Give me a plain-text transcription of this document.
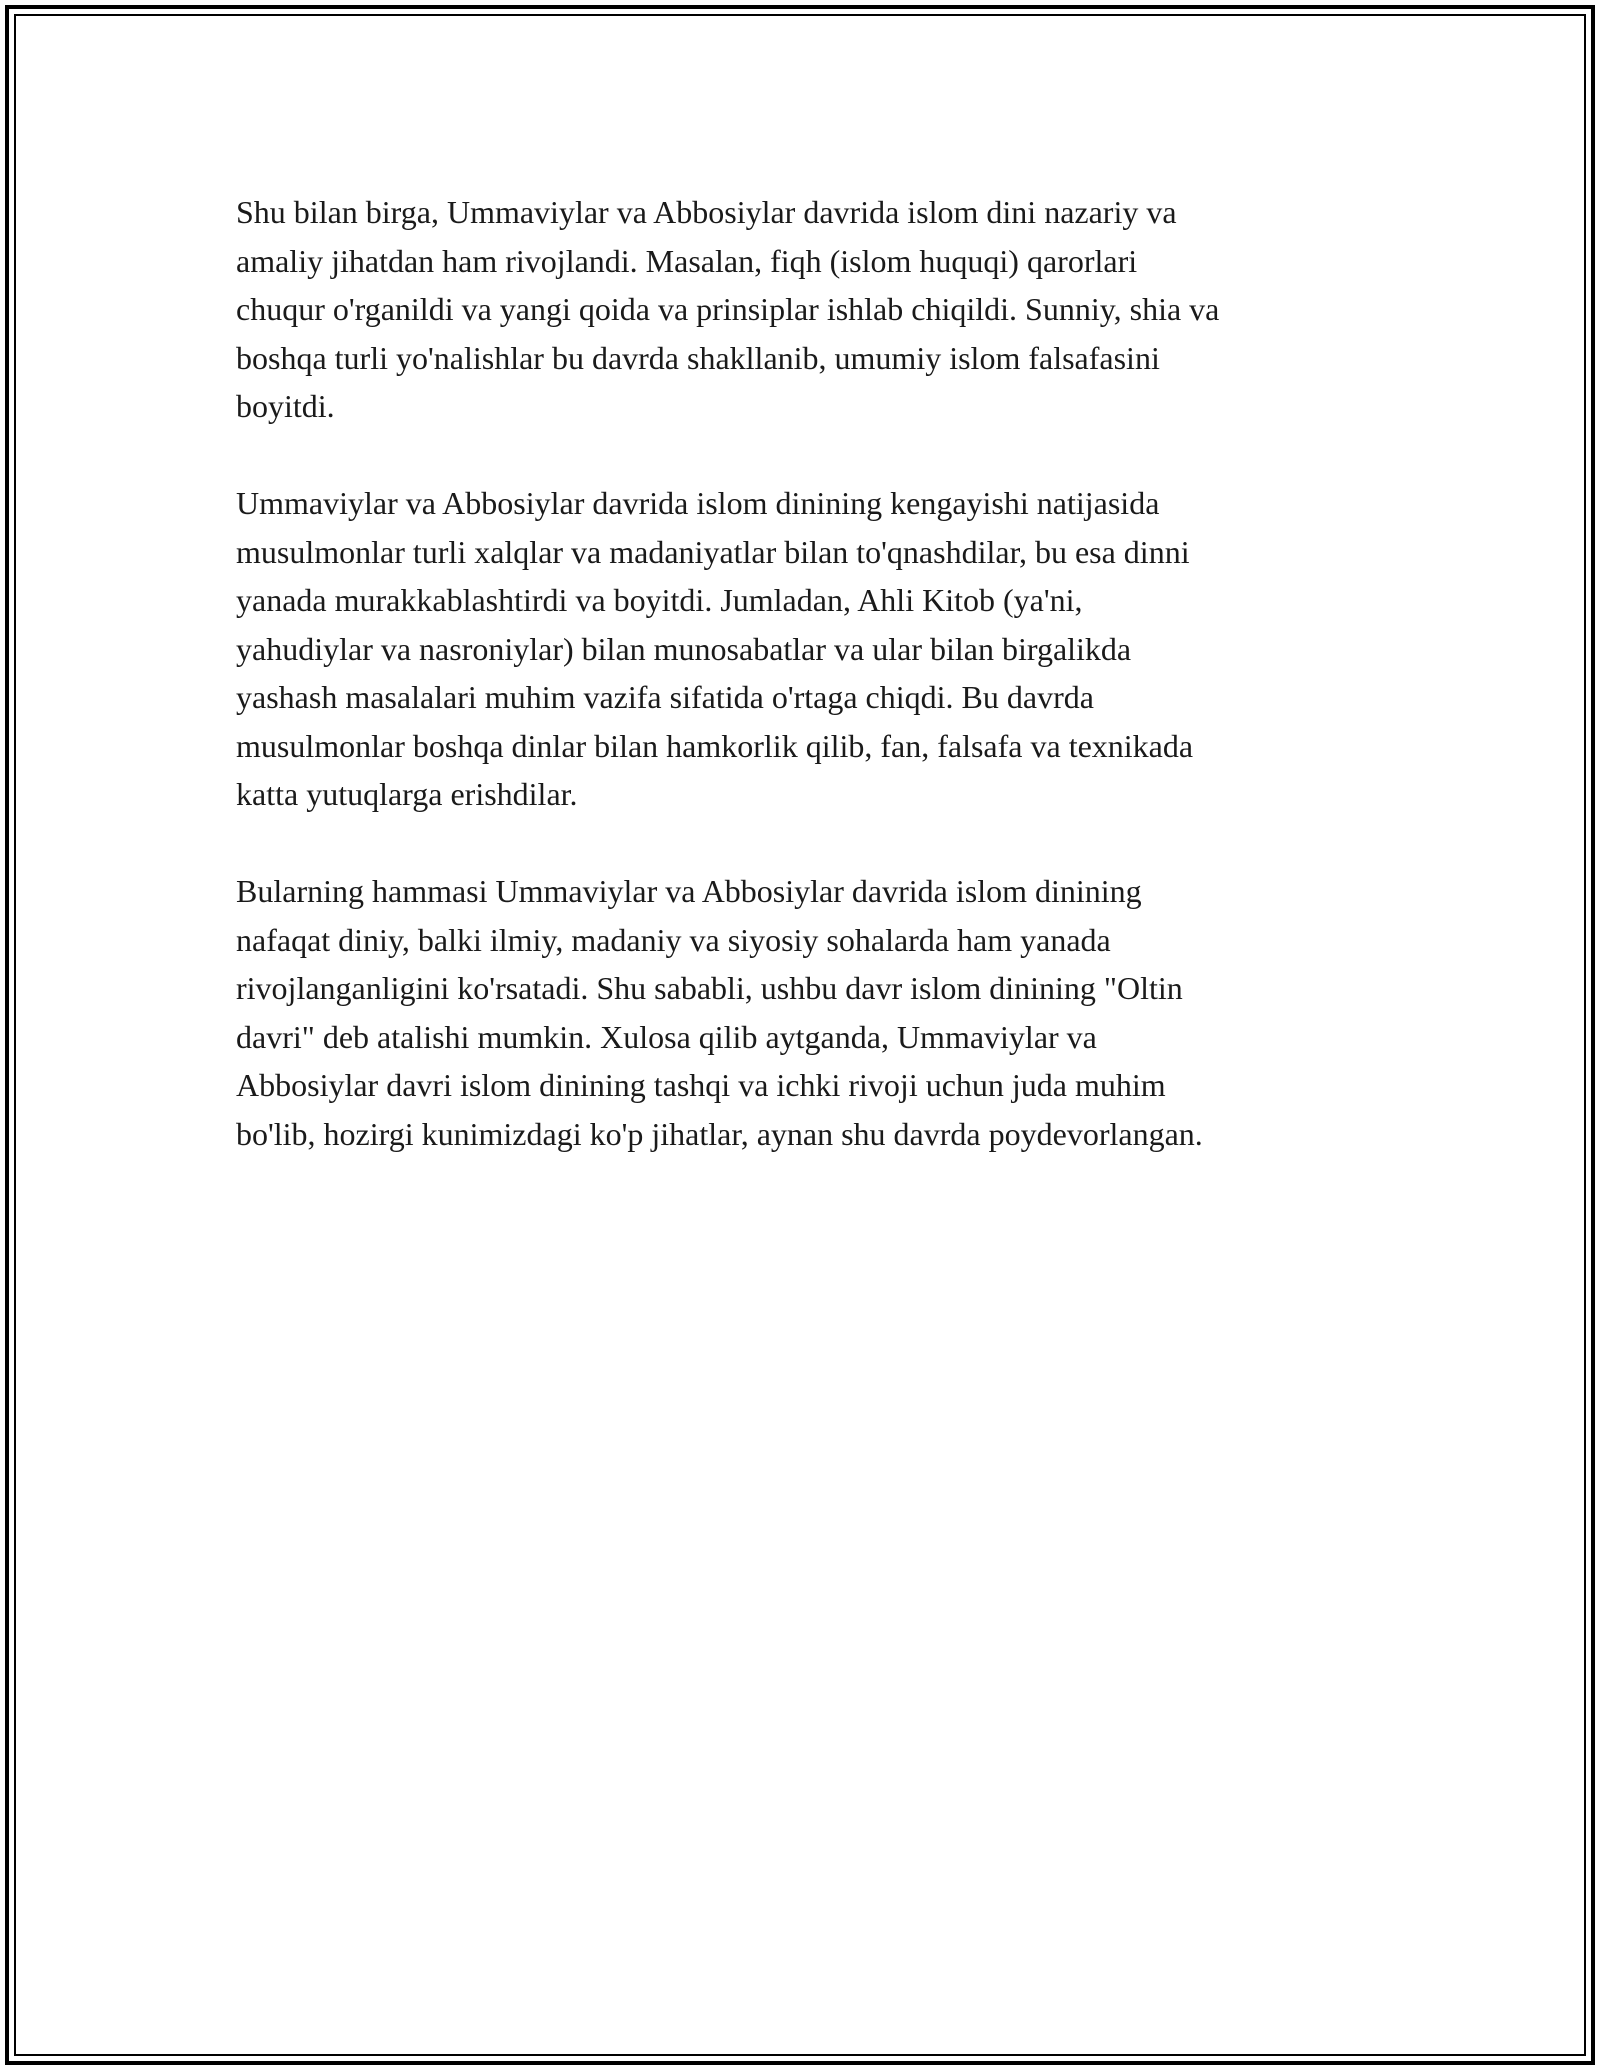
Shu bilan birga, Ummaviylar va Abbosiylar davrida islom dini nazariy va
amaliy jihatdan ham rivojlandi. Masalan, fiqh (islom huquqi) qarorlari
chuqur o'rganildi va yangi qoida va prinsiplar ishlab chiqildi. Sunniy, shia va
boshqa turli yo'nalishlar bu davrda shakllanib, umumiy islom falsafasini
boyitdi.

Ummaviylar va Abbosiylar davrida islom dinining kengayishi natijasida
musulmonlar turli xalqlar va madaniyatlar bilan to'qnashdilar, bu esa dinni
yanada murakkablashtirdi va boyitdi. Jumladan, Ahli Kitob (ya'ni,
yahudiylar va nasroniylar) bilan munosabatlar va ular bilan birgalikda
yashash masalalari muhim vazifa sifatida o'rtaga chiqdi. Bu davrda
musulmonlar boshqa dinlar bilan hamkorlik qilib, fan, falsafa va texnikada
katta yutuqlarga erishdilar.

Bularning hammasi Ummaviylar va Abbosiylar davrida islom dinining
nafaqat diniy, balki ilmiy, madaniy va siyosiy sohalarda ham yanada
rivojlanganligini ko'rsatadi. Shu sababli, ushbu davr islom dinining "Oltin
davri" deb atalishi mumkin. Xulosa qilib aytganda, Ummaviylar va
Abbosiylar davri islom dinining tashqi va ichki rivoji uchun juda muhim
bo'lib, hozirgi kunimizdagi ko'p jihatlar, aynan shu davrda poydevorlangan.
